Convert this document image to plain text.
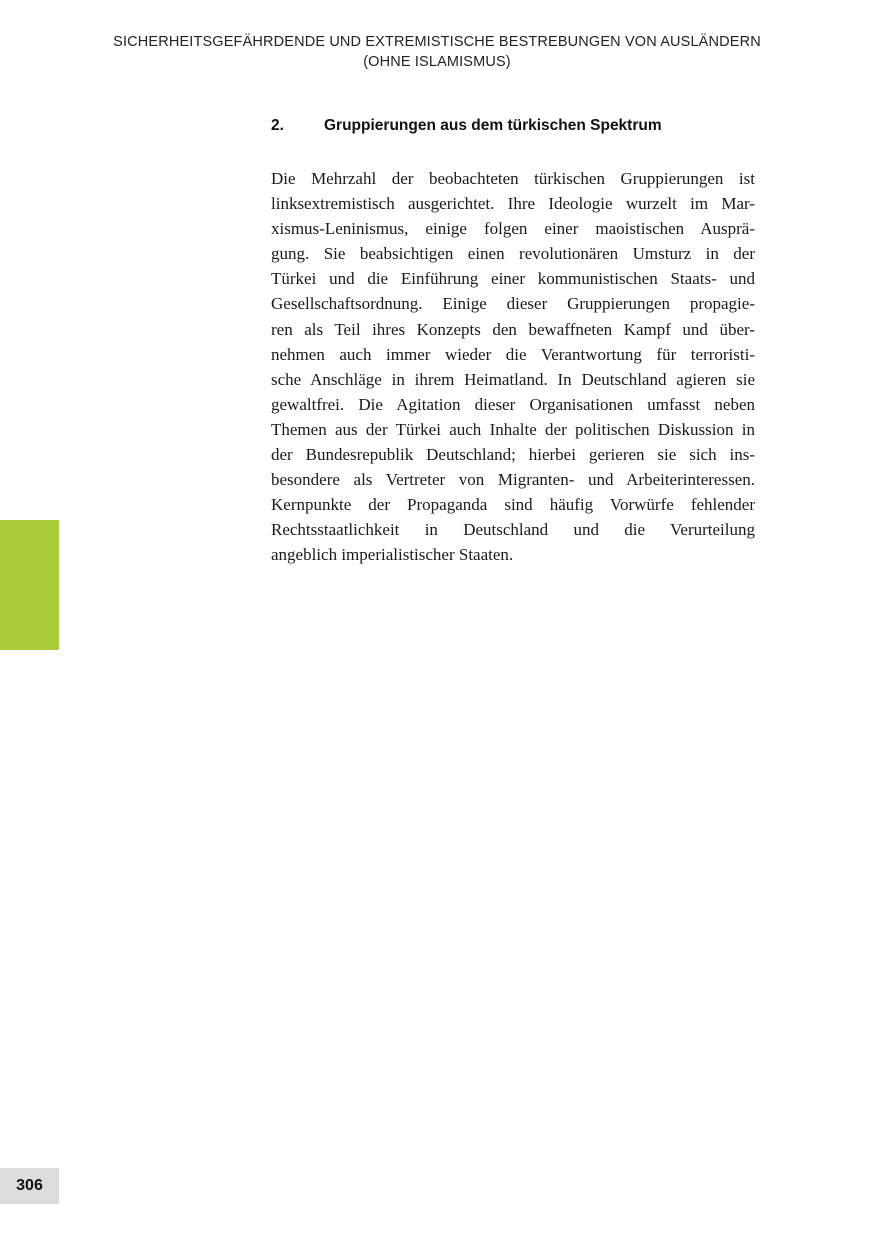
SICHERHEITSGEFÄHRDENDE UND EXTREMISTISCHE BESTREBUNGEN VON AUSLÄNDERN
(OHNE ISLAMISMUS)
2.	Gruppierungen aus dem türkischen Spektrum
Die Mehrzahl der beobachteten türkischen Gruppierungen ist
linksextremistisch ausgerichtet. Ihre Ideologie wurzelt im Mar-
xismus-Leninismus, einige folgen einer maoistischen Ausprä-
gung. Sie beabsichtigen einen revolutionären Umsturz in der
Türkei und die Einführung einer kommunistischen Staats- und
Gesellschaftsordnung. Einige dieser Gruppierungen propagie-
ren als Teil ihres Konzepts den bewaffneten Kampf und über-
nehmen auch immer wieder die Verantwortung für terroristi-
sche Anschläge in ihrem Heimatland. In Deutschland agieren sie
gewaltfrei. Die Agitation dieser Organisationen umfasst neben
Themen aus der Türkei auch Inhalte der politischen Diskussion in
der Bundesrepublik Deutschland; hierbei gerieren sie sich ins-
besondere als Vertreter von Migranten- und Arbeiterinteressen.
Kernpunkte der Propaganda sind häufig Vorwürfe fehlender
Rechtsstaatlichkeit in Deutschland und die Verurteilung
angeblich imperialistischer Staaten.
306
